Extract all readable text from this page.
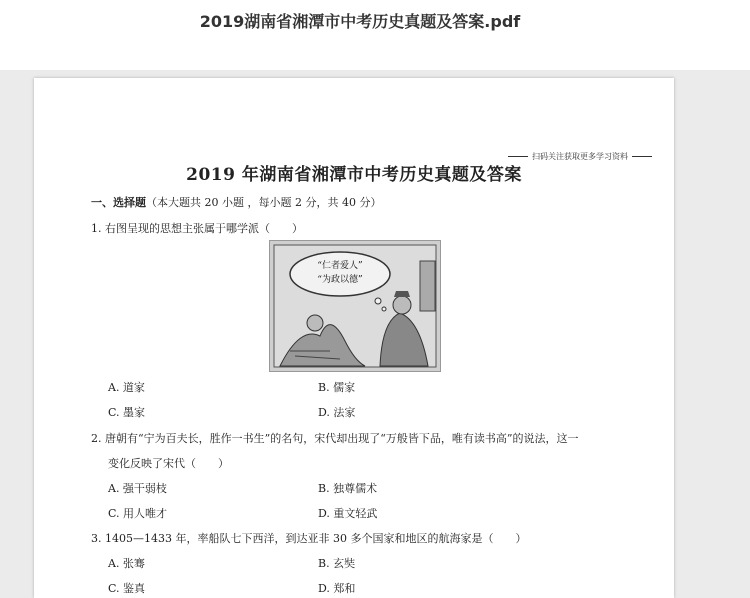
2019湖南省湘潭市中考历史真题及答案.pdf
扫码关注获取更多学习资料
2019 年湖南省湘潭市中考历史真题及答案
一、选择题（本大题共 20 小题 ，每小题 2 分，共 40 分）
1. 右图呈现的思想主张属于哪学派（　　）
“仁者爱人”
“为政以德”
A. 道家	B. 儒家
C. 墨家	D. 法家
2. 唐朝有“宁为百夫长，胜作一书生”的名句，宋代却出现了“万般皆下品，唯有读书高”的说法，这一
变化反映了宋代（　　）
A. 强干弱枝	B. 独尊儒术
C. 用人唯才	D. 重文轻武
3. 1405—1433 年，率船队七下西洋，到达亚非 30 多个国家和地区的航海家是（　　）
A. 张骞	B. 玄奘
C. 鉴真	D. 郑和
